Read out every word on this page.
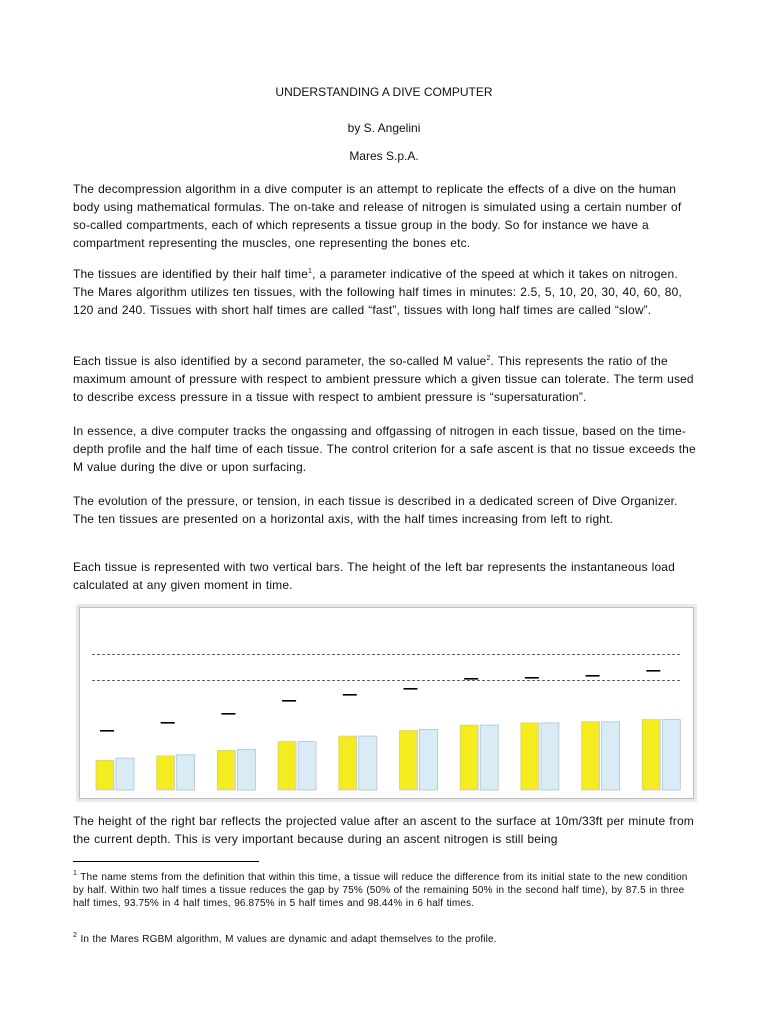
UNDERSTANDING A DIVE COMPUTER
by S. Angelini
Mares S.p.A.

The decompression algorithm in a dive computer is an attempt to replicate the effects of a dive on the human body using mathematical formulas. The on-take and release of nitrogen is simulated using a certain number of so-called compartments, each of which represents a tissue group in the body. So for instance we have a compartment representing the muscles, one representing the bones etc.

The tissues are identified by their half time$^1$, a parameter indicative of the speed at which it takes on nitrogen. The Mares algorithm utilizes ten tissues, with the following half times in minutes: 2.5, 5, 10, 20, 30, 40, 60, 80, 120 and 240. Tissues with short half times are called “fast”, tissues with long half times are called “slow”.

Each tissue is also identified by a second parameter, the so-called M value$^2$. This represents the ratio of the maximum amount of pressure with respect to ambient pressure which a given tissue can tolerate. The term used to describe excess pressure in a tissue with respect to ambient pressure is “supersaturation”.

In essence, a dive computer tracks the ongassing and offgassing of nitrogen in each tissue, based on the time-depth profile and the half time of each tissue. The control criterion for a safe ascent is that no tissue exceeds the M value during the dive or upon surfacing.

The evolution of the pressure, or tension, in each tissue is described in a dedicated screen of Dive Organizer. The ten tissues are presented on a horizontal axis, with the half times increasing from left to right.

Each tissue is represented with two vertical bars. The height of the left bar represents the instantaneous load calculated at any given moment in time.

The height of the right bar reflects the projected value after an ascent to the surface at 10m/33ft per minute from the current depth. This is very important because during an ascent nitrogen is still being

$^1$ The name stems from the definition that within this time, a tissue will reduce the difference from its initial state to the new condition by half. Within two half times a tissue reduces the gap by 75% (50% of the remaining 50% in the second half time), by 87.5 in three half times, 93.75% in 4 half times, 96.875% in 5 half times and 98.44% in 6 half times.

$^2$ In the Mares RGBM algorithm, M values are dynamic and adapt themselves to the profile.
